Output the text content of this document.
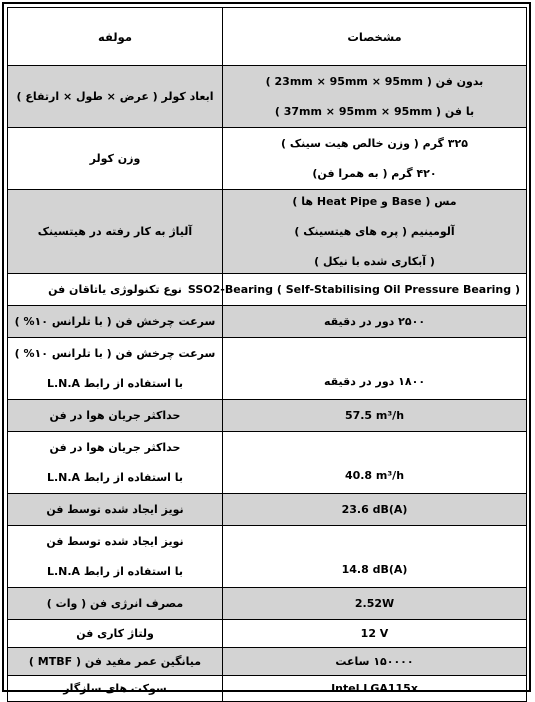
مشخصات	مولفه

بدون فن ( 23mm × 95mm × 95mm )
با فن ( 37mm × 95mm × 95mm )	ابعاد کولر ( عرض × طول × ارتفاع )

۳۲۵ گرم ( وزن خالص هیت سینک )
۴۲۰ گرم ( به همرا فن)	وزن کولر

مس ( Base و Heat Pipe ها )
آلومینیم ( پره های هیتسینک )
( آبکاری شده با نیکل )	آلیاژ به کار رفته در هیتسینک

( SSO2-Bearing ( Self-Stabilising Oil Pressure Bearing	نوع تکنولوژی یاتاقان فن

۲۵۰۰ دور در دقیقه	سرعت چرخش فن ( با تلرانس ۱۰% )

۱۸۰۰ دور در دقیقه	سرعت چرخش فن ( با تلرانس ۱۰% )
با استفاده از رابط L.N.A

57.5 m³/h	حداکثر جریان هوا در فن

40.8 m³/h	حداکثر جریان هوا در فن
با استفاده از رابط L.N.A

23.6 dB(A)	نویز ایجاد شده توسط فن

14.8 dB(A)	نویز ایجاد شده توسط فن
با استفاده از رابط L.N.A

2.52W	مصرف انرژی فن ( وات )

12 V	ولتاژ کاری فن

۱۵۰۰۰۰ ساعت	میانگین عمر مفید فن ( MTBF )

Intel LGA115x	سوکت های سازگار
